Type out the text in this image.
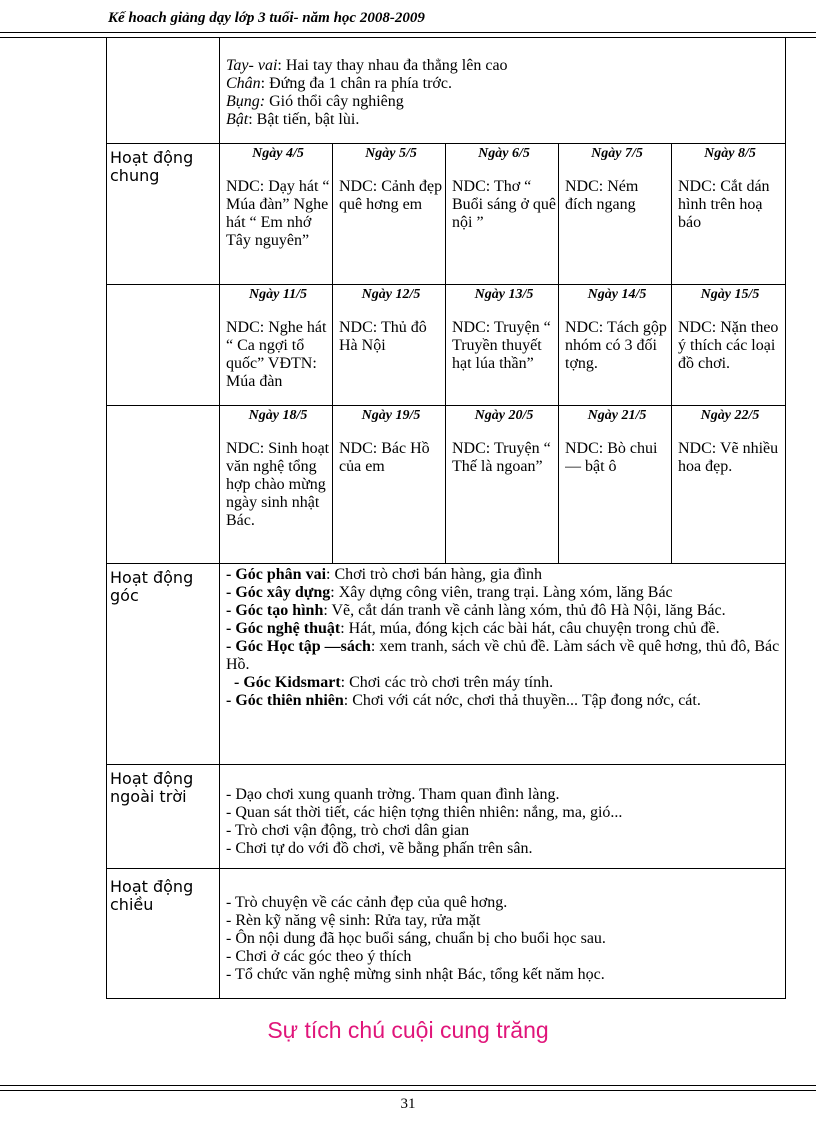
Kế hoach giảng dạy lớp 3 tuổi- năm học 2008-2009
Tay- vai: Hai tay thay nhau đa thẳng lên cao
Chân: Đứng đa 1 chân ra phía trớc.
Bụng: Gió thổi cây nghiêng
Bật: Bật tiến, bật lùi.
Hoạt động chung
Ngày 4/5
NDC: Dạy hát “ Múa đàn” Nghe hát “ Em nhớ Tây nguyên”
Ngày 5/5
NDC: Cảnh đẹp quê hơng em
Ngày 6/5
NDC: Thơ “ Buổi sáng ở quê nội ”
Ngày 7/5
NDC: Ném đích ngang
Ngày 8/5
NDC: Cắt dán hình trên hoạ báo
Ngày 11/5
NDC: Nghe hát “ Ca ngợi tổ quốc” VĐTN: Múa đàn
Ngày 12/5
NDC: Thủ đô Hà Nội
Ngày 13/5
NDC: Truyện “ Truyền thuyết hạt lúa thần”
Ngày 14/5
NDC: Tách gộp nhóm có 3 đối tợng.
Ngày 15/5
NDC: Nặn theo ý thích các loại đồ chơi.
Ngày 18/5
NDC: Sinh hoạt văn nghệ tổng hợp chào mừng ngày sinh nhật Bác.
Ngày 19/5
NDC: Bác Hồ của em
Ngày 20/5
NDC: Truyện “ Thế là ngoan”
Ngày 21/5
NDC: Bò chui — bật ô
Ngày 22/5
NDC: Vẽ nhiều hoa đẹp.
Hoạt động góc
- Góc phân vai: Chơi trò chơi bán hàng, gia đình
- Góc xây dựng: Xây dựng công viên, trang trại. Làng xóm, lăng Bác
- Góc tạo hình: Vẽ, cắt dán tranh về cảnh làng xóm, thủ đô Hà Nội, lăng Bác.
- Góc nghệ thuật: Hát, múa, đóng kịch các bài hát, câu chuyện trong chủ đề.
- Góc Học tập —sách: xem tranh, sách về chủ đề. Làm sách về quê hơng, thủ đô, Bác Hồ.
- Góc Kidsmart: Chơi các trò chơi trên máy tính.
- Góc thiên nhiên: Chơi với cát nớc, chơi thả thuyền... Tập đong nớc, cát.
Hoạt động ngoài trời	- Dạo chơi xung quanh trờng. Tham quan đình làng.
- Quan sát thời tiết, các hiện tợng thiên nhiên: nắng, ma, gió...
- Trò chơi vận động, trò chơi dân gian
- Chơi tự do với đồ chơi, vẽ bằng phấn trên sân.
Hoạt động chiều	- Trò chuyện về các cảnh đẹp của quê hơng.
- Rèn kỹ năng vệ sinh: Rửa tay, rửa mặt
- Ôn nội dung đã học buổi sáng, chuẩn bị cho buổi học sau.
- Chơi ở các góc theo ý thích
- Tổ chức văn nghệ mừng sinh nhật Bác, tổng kết năm học.
Sự tích chú cuội cung trăng
31
